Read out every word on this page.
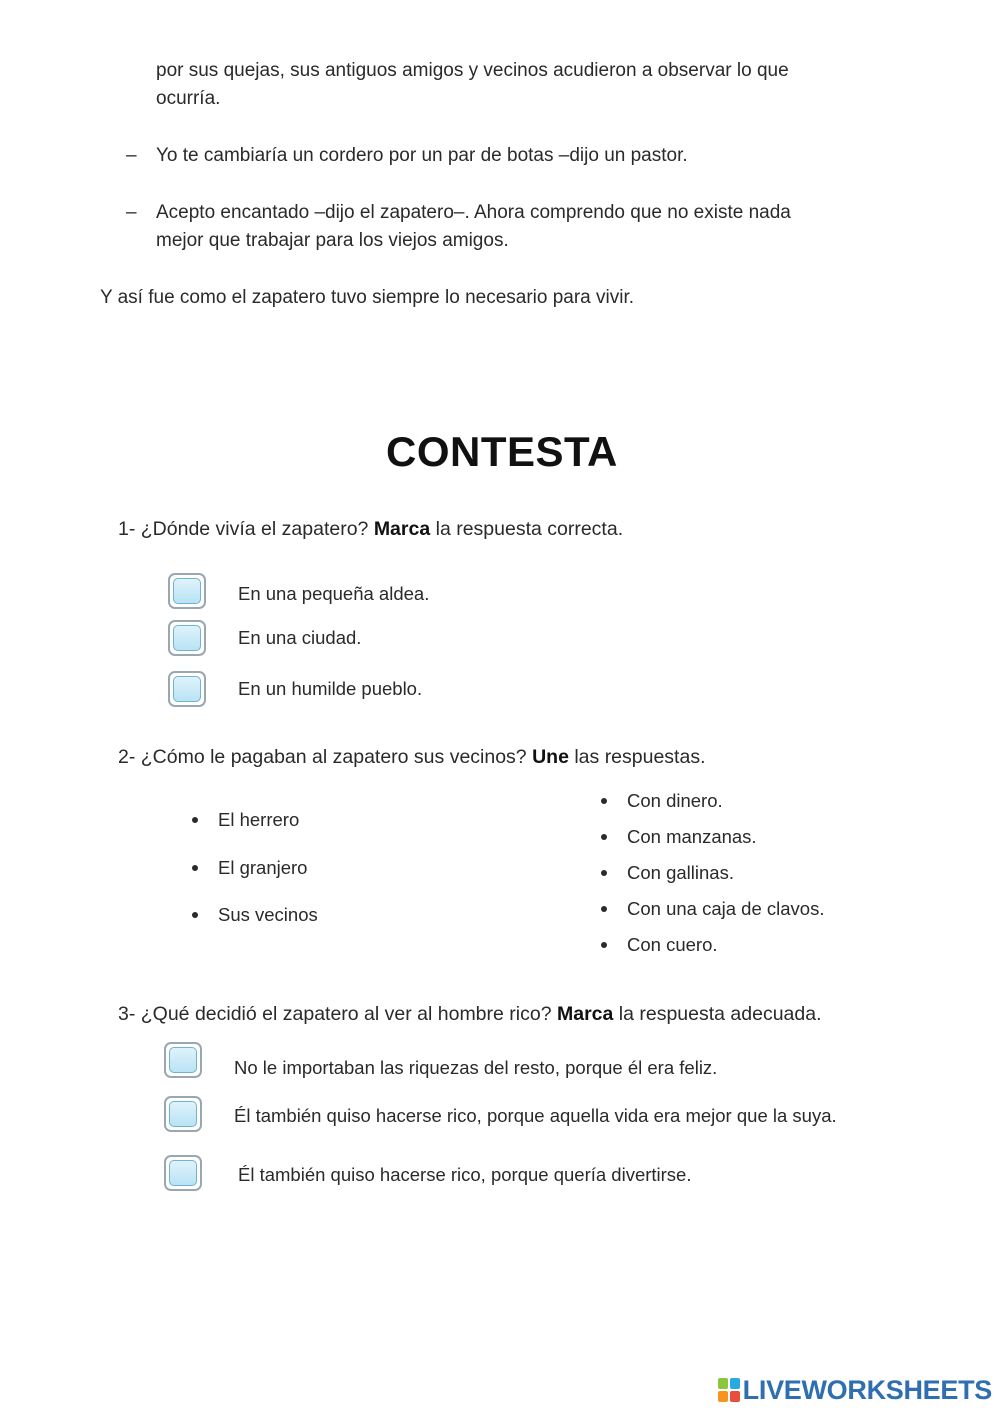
por sus quejas, sus antiguos amigos y vecinos acudieron a observar lo que
ocurría.
– Yo te cambiaría un cordero por un par de botas –dijo un pastor.
– Acepto encantado –dijo el zapatero–. Ahora comprendo que no existe nada
mejor que trabajar para los viejos amigos.
Y así fue como el zapatero tuvo siempre lo necesario para vivir.
CONTESTA
1- ¿Dónde vivía el zapatero? Marca la respuesta correcta.
En una pequeña aldea.
En una ciudad.
En un humilde pueblo.
2- ¿Cómo le pagaban al zapatero sus vecinos? Une las respuestas.
El herrero
El granjero
Sus vecinos
Con dinero.
Con manzanas.
Con gallinas.
Con una caja de clavos.
Con cuero.
3- ¿Qué decidió el zapatero al ver al hombre rico? Marca la respuesta adecuada.
No le importaban las riquezas del resto, porque él era feliz.
Él también quiso hacerse rico, porque aquella vida era mejor que la suya.
Él también quiso hacerse rico, porque quería divertirse.
LIVEWORKSHEETS
